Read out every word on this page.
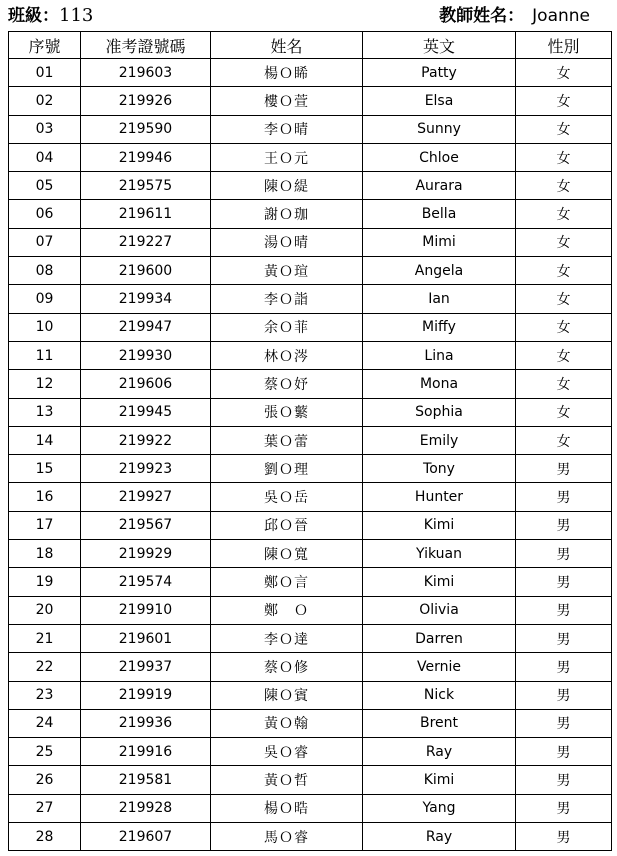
班級：113	教師姓名： Joanne
序號	准考證號碼	姓名	英文	性別
01	219603	楊Ｏ睎	Patty	女
02	219926	樓Ｏ萱	Elsa	女
03	219590	李Ｏ晴	Sunny	女
04	219946	王Ｏ元	Chloe	女
05	219575	陳Ｏ緹	Aurara	女
06	219611	謝Ｏ珈	Bella	女
07	219227	湯Ｏ晴	Mimi	女
08	219600	黃Ｏ瑄	Angela	女
09	219934	李Ｏ詣	Ian	女
10	219947	余Ｏ菲	Miffy	女
11	219930	林Ｏ涔	Lina	女
12	219606	蔡Ｏ妤	Mona	女
13	219945	張Ｏ蘩	Sophia	女
14	219922	葉Ｏ蕾	Emily	女
15	219923	劉Ｏ理	Tony	男
16	219927	吳Ｏ岳	Hunter	男
17	219567	邱Ｏ晉	Kimi	男
18	219929	陳Ｏ寬	Yikuan	男
19	219574	鄭Ｏ言	Kimi	男
20	219910	鄭　Ｏ	Olivia	男
21	219601	李Ｏ達	Darren	男
22	219937	蔡Ｏ修	Vernie	男
23	219919	陳Ｏ賓	Nick	男
24	219936	黃Ｏ翰	Brent	男
25	219916	吳Ｏ睿	Ray	男
26	219581	黃Ｏ哲	Kimi	男
27	219928	楊Ｏ晧	Yang	男
28	219607	馬Ｏ睿	Ray	男
